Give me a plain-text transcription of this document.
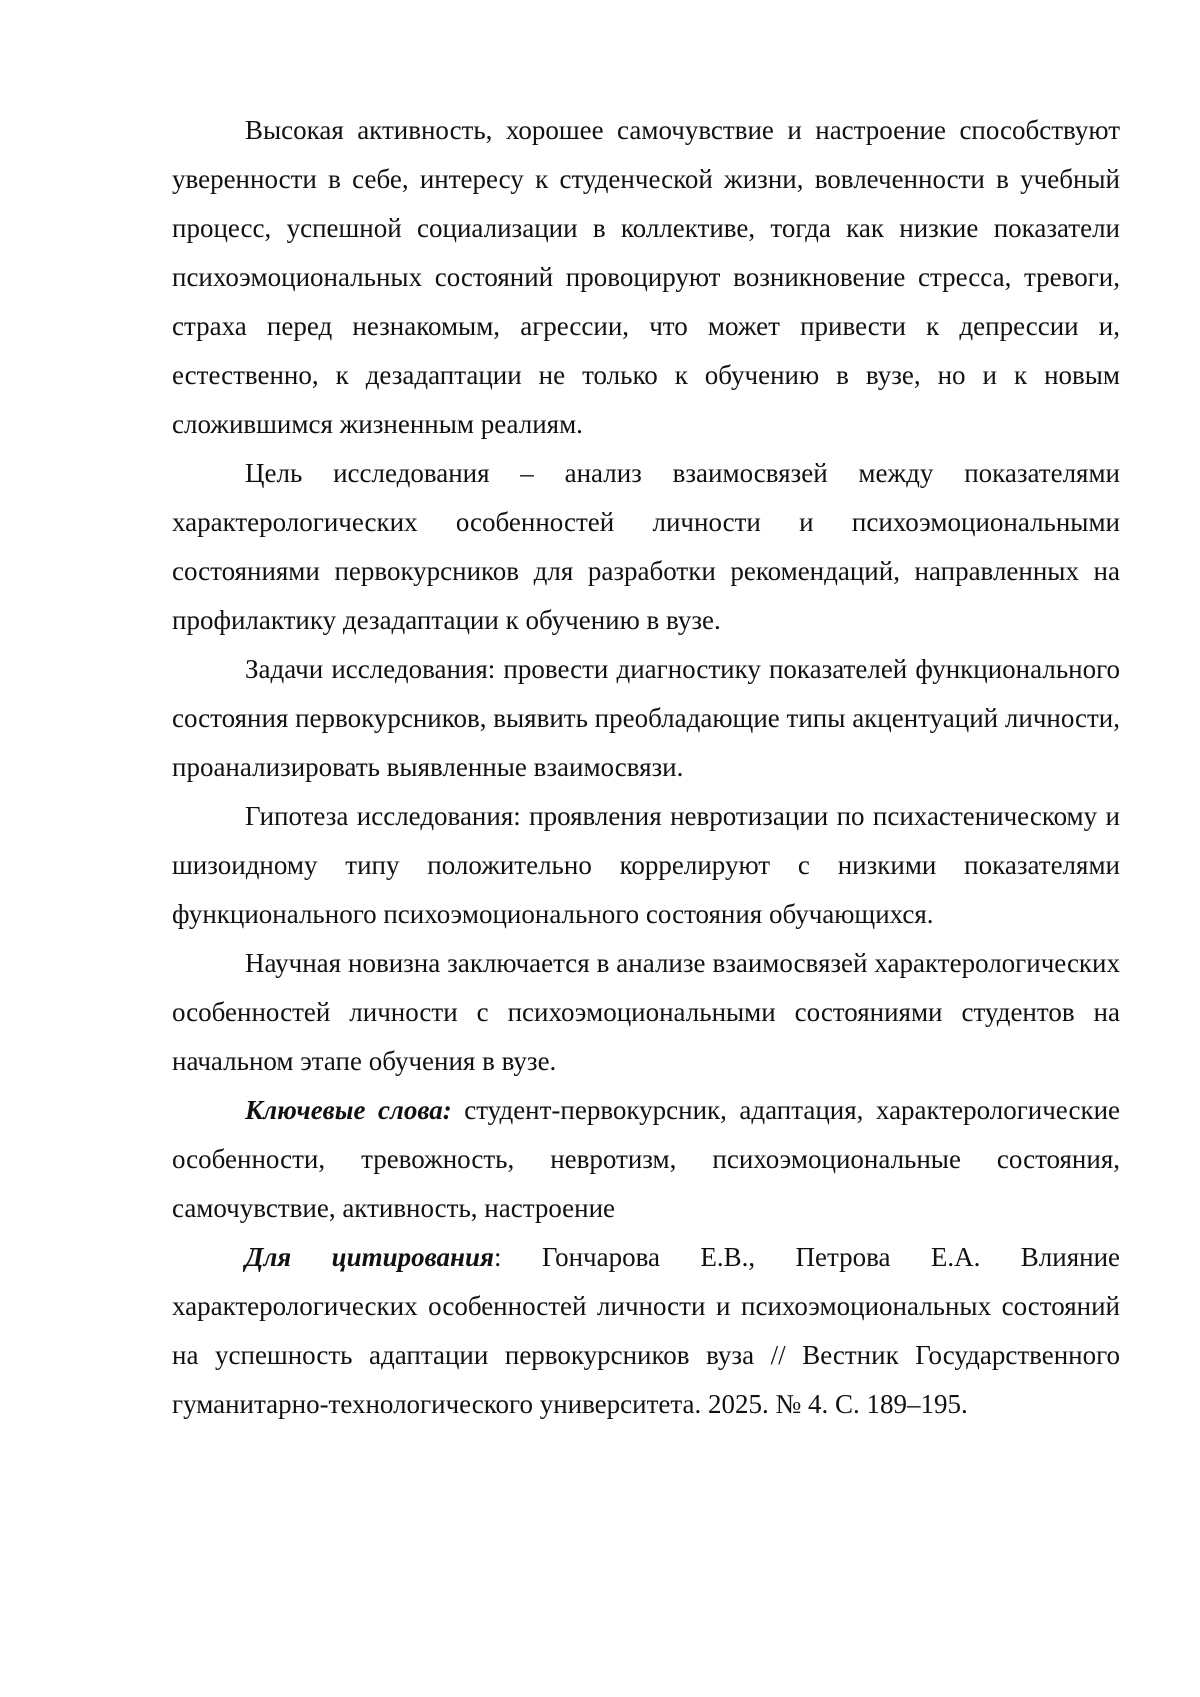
Высокая активность, хорошее самочувствие и настроение способствуют уверенности в себе, интересу к студенческой жизни, вовлеченности в учебный процесс, успешной социализации в коллективе, тогда как низкие показатели психоэмоциональных состояний провоцируют возникновение стресса, тревоги, страха перед незнакомым, агрессии, что может привести к депрессии и, естественно, к дезадаптации не только к обучению в вузе, но и к новым сложившимся жизненным реалиям.

Цель исследования – анализ взаимосвязей между показателями характерологических особенностей личности и психоэмоциональными состояниями первокурсников для разработки рекомендаций, направленных на профилактику дезадаптации к обучению в вузе.

Задачи исследования: провести диагностику показателей функционального состояния первокурсников, выявить преобладающие типы акцентуаций личности, проанализировать выявленные взаимосвязи.

Гипотеза исследования: проявления невротизации по психастеническому и шизоидному типу положительно коррелируют с низкими показателями функционального психоэмоционального состояния обучающихся.

Научная новизна заключается в анализе взаимосвязей характерологических особенностей личности с психоэмоциональными состояниями студентов на начальном этапе обучения в вузе.

Ключевые слова: студент-первокурсник, адаптация, характерологические особенности, тревожность, невротизм, психоэмоциональные состояния, самочувствие, активность, настроение

Для цитирования: Гончарова Е.В., Петрова Е.А. Влияние характерологических особенностей личности и психоэмоциональных состояний на успешность адаптации первокурсников вуза // Вестник Государственного гуманитарно-технологического университета. 2025. № 4. С. 189–195.
